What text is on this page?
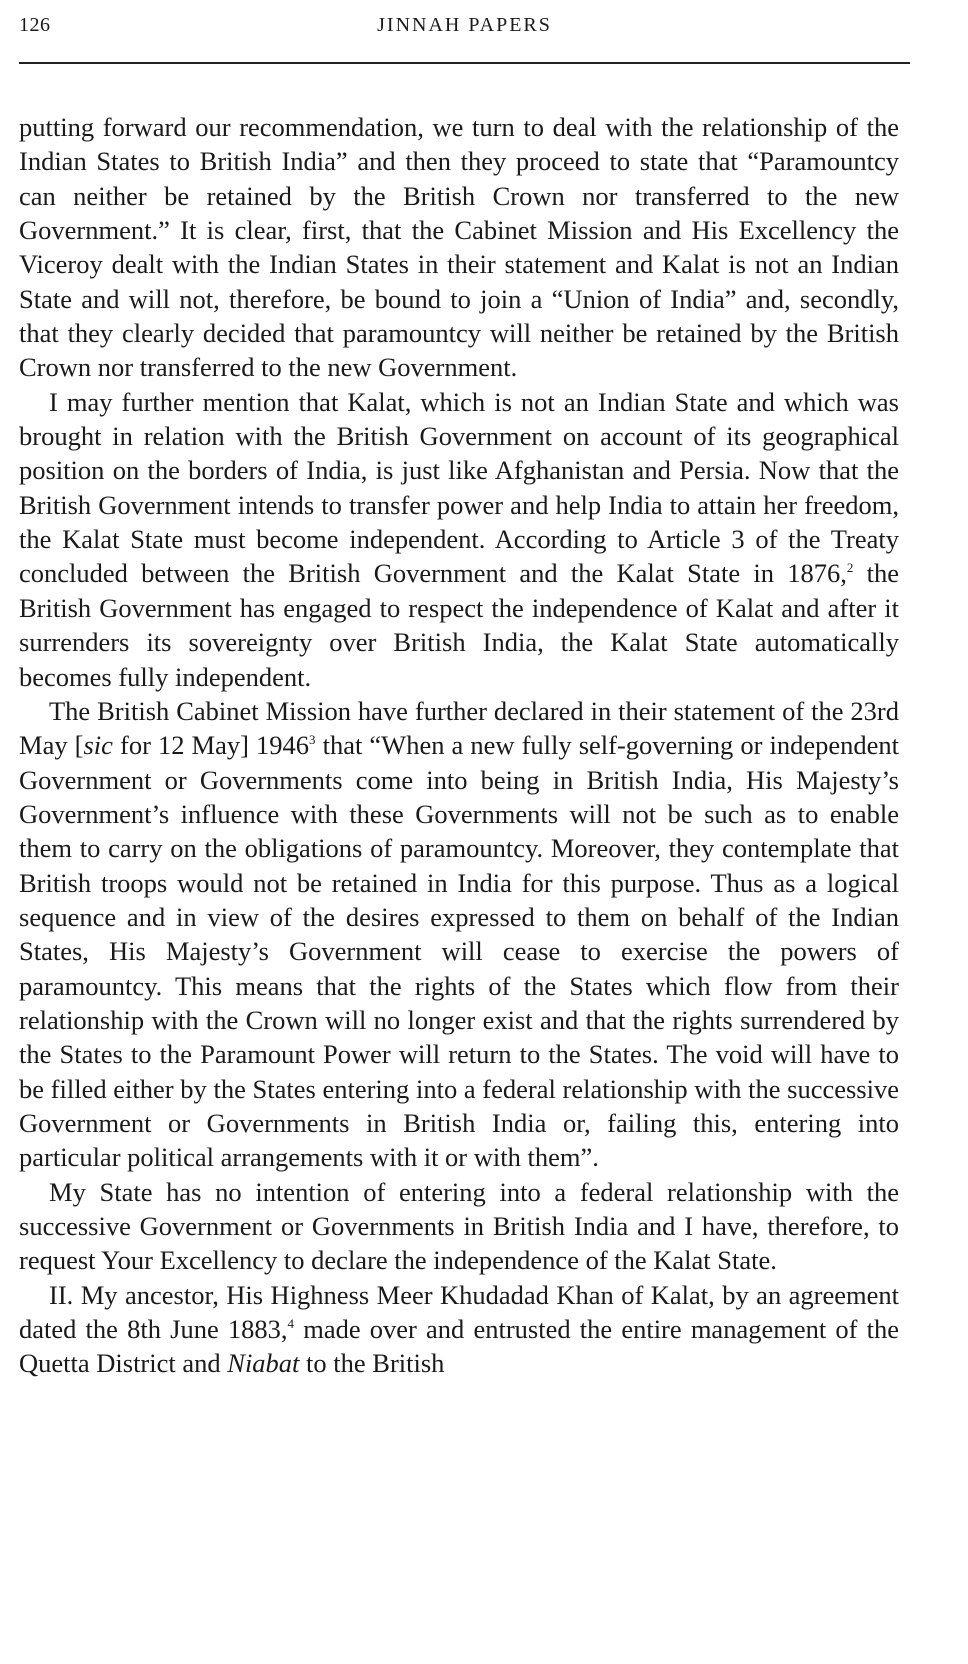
126	JINNAH PAPERS

putting forward our recommendation, we turn to deal with the relationship of the Indian States to British India” and then they proceed to state that “Paramountcy can neither be retained by the British Crown nor transferred to the new Government.” It is clear, first, that the Cabinet Mission and His Excellency the Viceroy dealt with the Indian States in their statement and Kalat is not an Indian State and will not, therefore, be bound to join a “Union of India” and, secondly, that they clearly decided that paramountcy will neither be retained by the British Crown nor transferred to the new Government.

I may further mention that Kalat, which is not an Indian State and which was brought in relation with the British Government on account of its geographical position on the borders of India, is just like Afghanistan and Persia. Now that the British Government intends to transfer power and help India to attain her freedom, the Kalat State must become independent. According to Article 3 of the Treaty concluded between the British Government and the Kalat State in 1876,$^2$ the British Government has engaged to respect the independence of Kalat and after it surrenders its sovereignty over British India, the Kalat State automatically becomes fully independent.

The British Cabinet Mission have further declared in their statement of the 23rd May [sic for 12 May] 1946$^3$ that “When a new fully self-governing or independent Government or Governments come into being in British India, His Majesty’s Government’s influence with these Governments will not be such as to enable them to carry on the obligations of paramountcy. Moreover, they contemplate that British troops would not be retained in India for this purpose. Thus as a logical sequence and in view of the desires expressed to them on behalf of the Indian States, His Majesty’s Government will cease to exercise the powers of paramountcy. This means that the rights of the States which flow from their relationship with the Crown will no longer exist and that the rights surrendered by the States to the Paramount Power will return to the States. The void will have to be filled either by the States entering into a federal relationship with the successive Government or Governments in British India or, failing this, entering into particular political arrangements with it or with them”.

My State has no intention of entering into a federal relationship with the successive Government or Governments in British India and I have, therefore, to request Your Excellency to declare the independence of the Kalat State.

II. My ancestor, His Highness Meer Khudadad Khan of Kalat, by an agreement dated the 8th June 1883,$^4$ made over and entrusted the entire management of the Quetta District and Niabat to the British
